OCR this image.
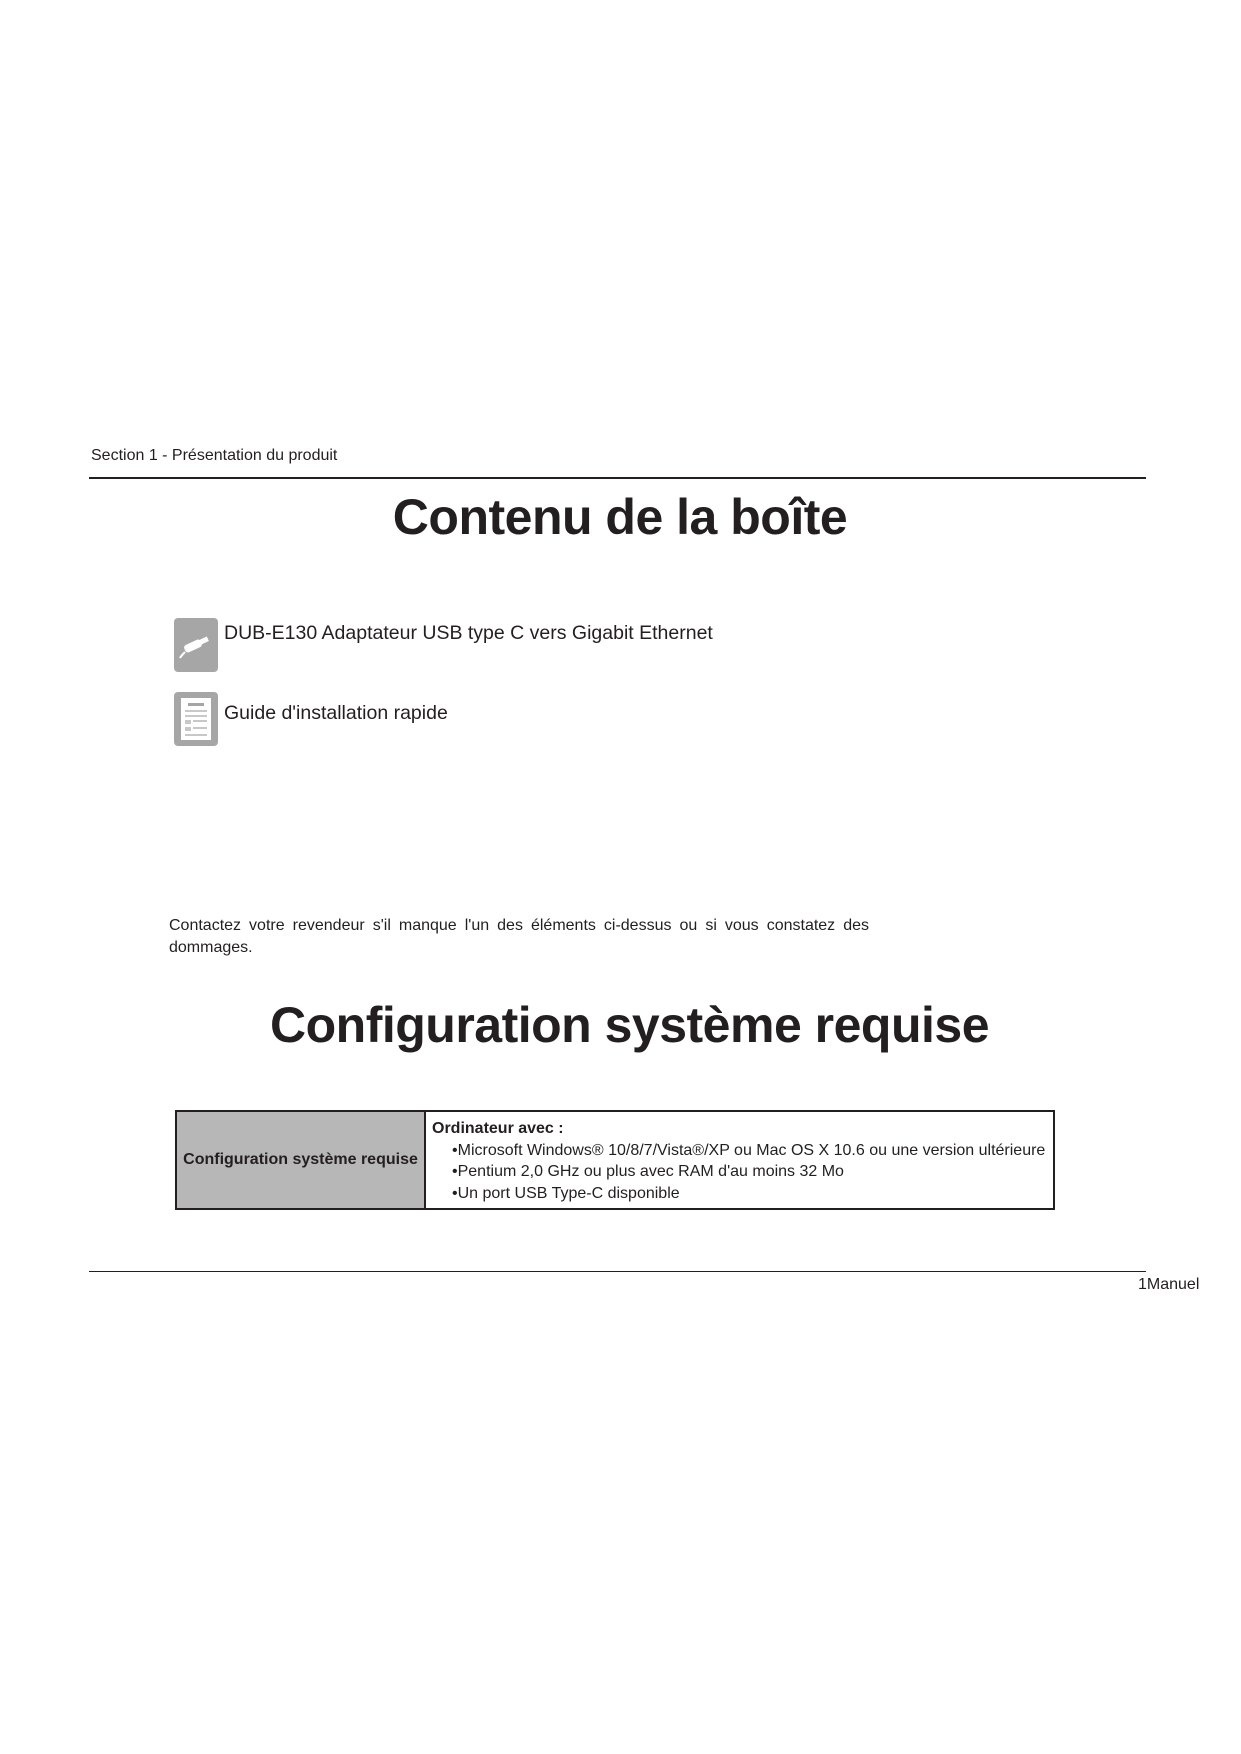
Section 1 - Présentation du produit
Contenu de la boîte
DUB-E130 Adaptateur USB type C vers Gigabit Ethernet
Guide d'installation rapide
Contactez votre revendeur s'il manque l'un des éléments ci-dessus ou si vous constatez des dommages.
Configuration système requise
Configuration système requise	
Ordinateur avec :
• Microsoft Windows® 10/8/7/Vista®/XP ou Mac OS X 10.6 ou une version ultérieure
• Pentium 2,0 GHz ou plus avec RAM d'au moins 32 Mo
• Un port USB Type-C disponible
1Manuel
